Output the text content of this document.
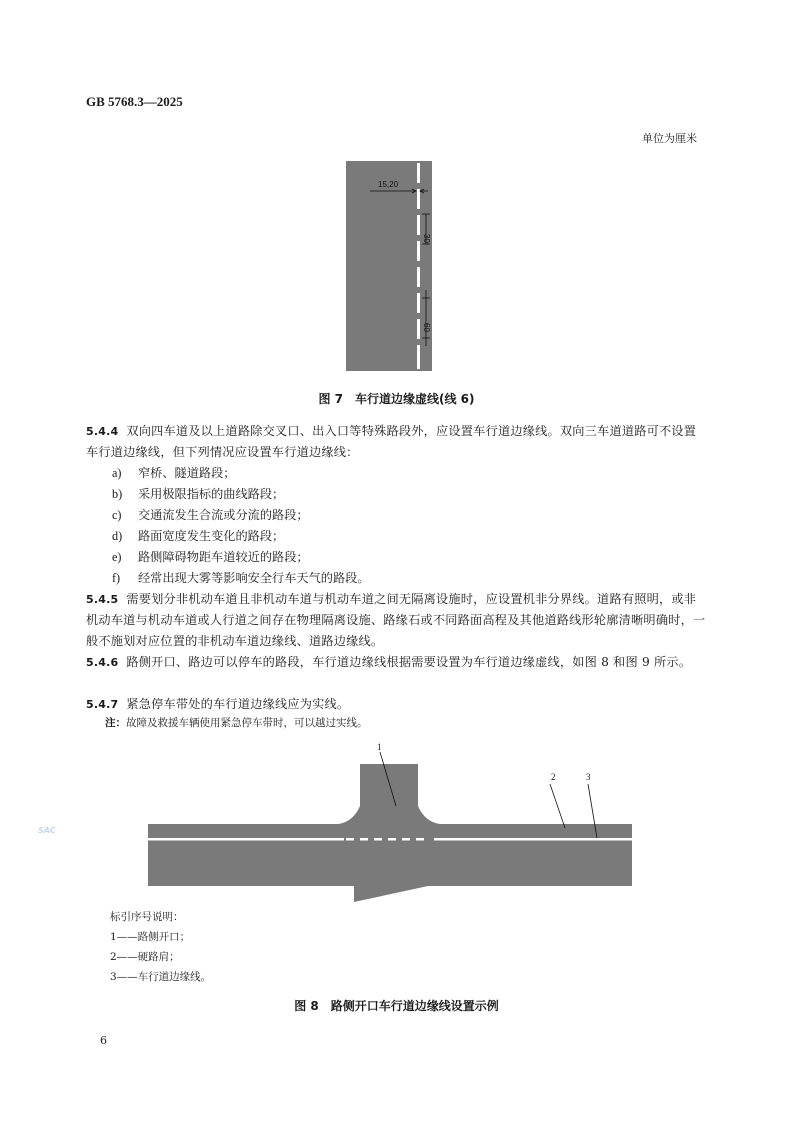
GB 5768.3—2025
单位为厘米
15,20
30
60
图 7　车行道边缘虚线(线 6)
5.4.4 双向四车道及以上道路除交叉口、出入口等特殊路段外，应设置车行道边缘线。双向三车道道路可不设置车行道边缘线，但下列情况应设置车行道边缘线：
a) 窄桥、隧道路段；
b) 采用极限指标的曲线路段；
c) 交通流发生合流或分流的路段；
d) 路面宽度发生变化的路段；
e) 路侧障碍物距车道较近的路段；
f) 经常出现大雾等影响安全行车天气的路段。
5.4.5 需要划分非机动车道且非机动车道与机动车道之间无隔离设施时，应设置机非分界线。道路有照明，或非机动车道与机动车道或人行道之间存在物理隔离设施、路缘石或不同路面高程及其他道路线形轮廓清晰明确时，一般不施划对应位置的非机动车道边缘线、道路边缘线。
5.4.6 路侧开口、路边可以停车的路段，车行道边缘线根据需要设置为车行道边缘虚线，如图 8 和图 9 所示。
5.4.7 紧急停车带处的车行道边缘线应为实线。
注：故障及救援车辆使用紧急停车带时，可以越过实线。
1
2	3
标引序号说明：
1——路侧开口；
2——硬路肩；
3——车行道边缘线。
图 8　路侧开口车行道边缘线设置示例
6
SAC
